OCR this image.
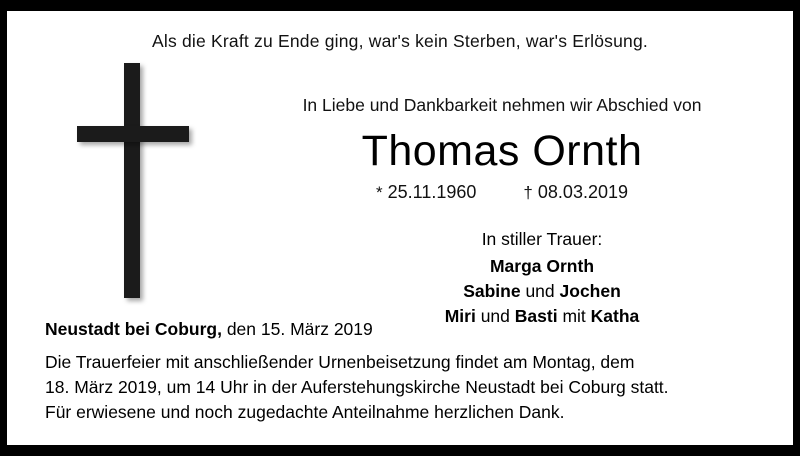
Als die Kraft zu Ende ging, war's kein Sterben, war's Erlösung.
In Liebe und Dankbarkeit nehmen wir Abschied von
Thomas Ornth
* 25.11.1960	† 08.03.2019
In stiller Trauer:
Marga Ornth
Sabine und Jochen
Miri und Basti mit Katha
Neustadt bei Coburg, den 15. März 2019
Die Trauerfeier mit anschließender Urnenbeisetzung findet am Montag, dem
18. März 2019, um 14 Uhr in der Auferstehungskirche Neustadt bei Coburg statt.
Für erwiesene und noch zugedachte Anteilnahme herzlichen Dank.
